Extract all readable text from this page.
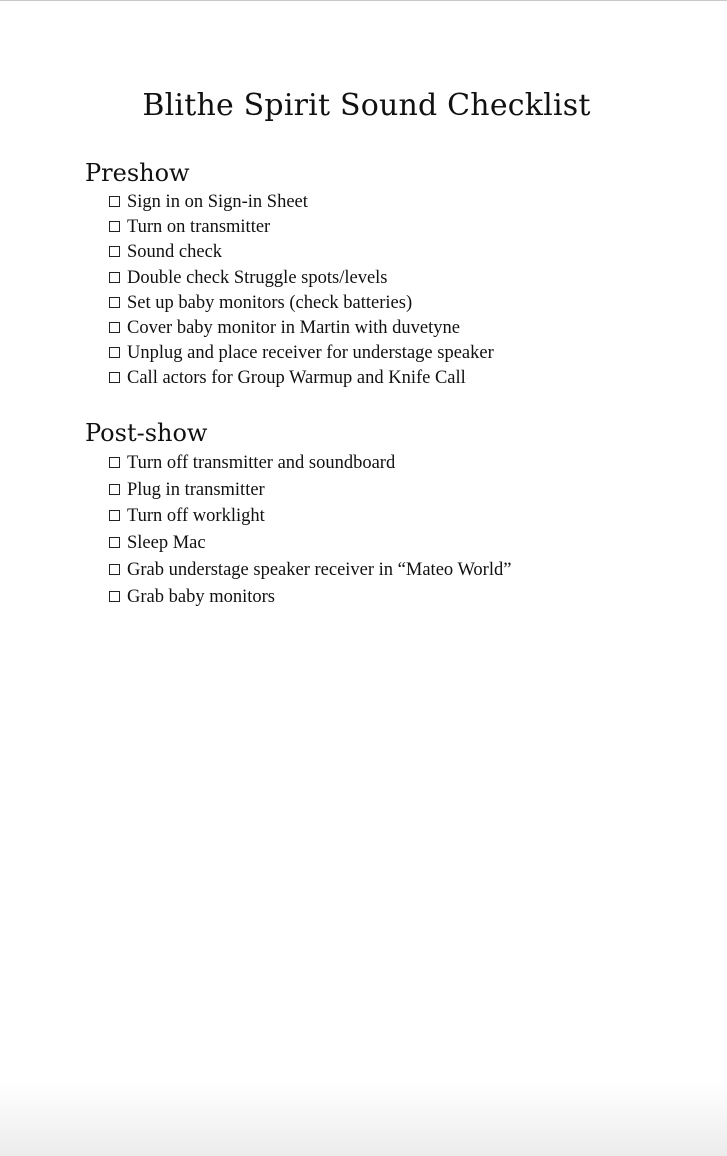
Blithe Spirit Sound Checklist
Preshow
Sign in on Sign-in Sheet
Turn on transmitter
Sound check
Double check Struggle spots/levels
Set up baby monitors (check batteries)
Cover baby monitor in Martin with duvetyne
Unplug and place receiver for understage speaker
Call actors for Group Warmup and Knife Call
Post-show
Turn off transmitter and soundboard
Plug in transmitter
Turn off worklight
Sleep Mac
Grab understage speaker receiver in “Mateo World”
Grab baby monitors
